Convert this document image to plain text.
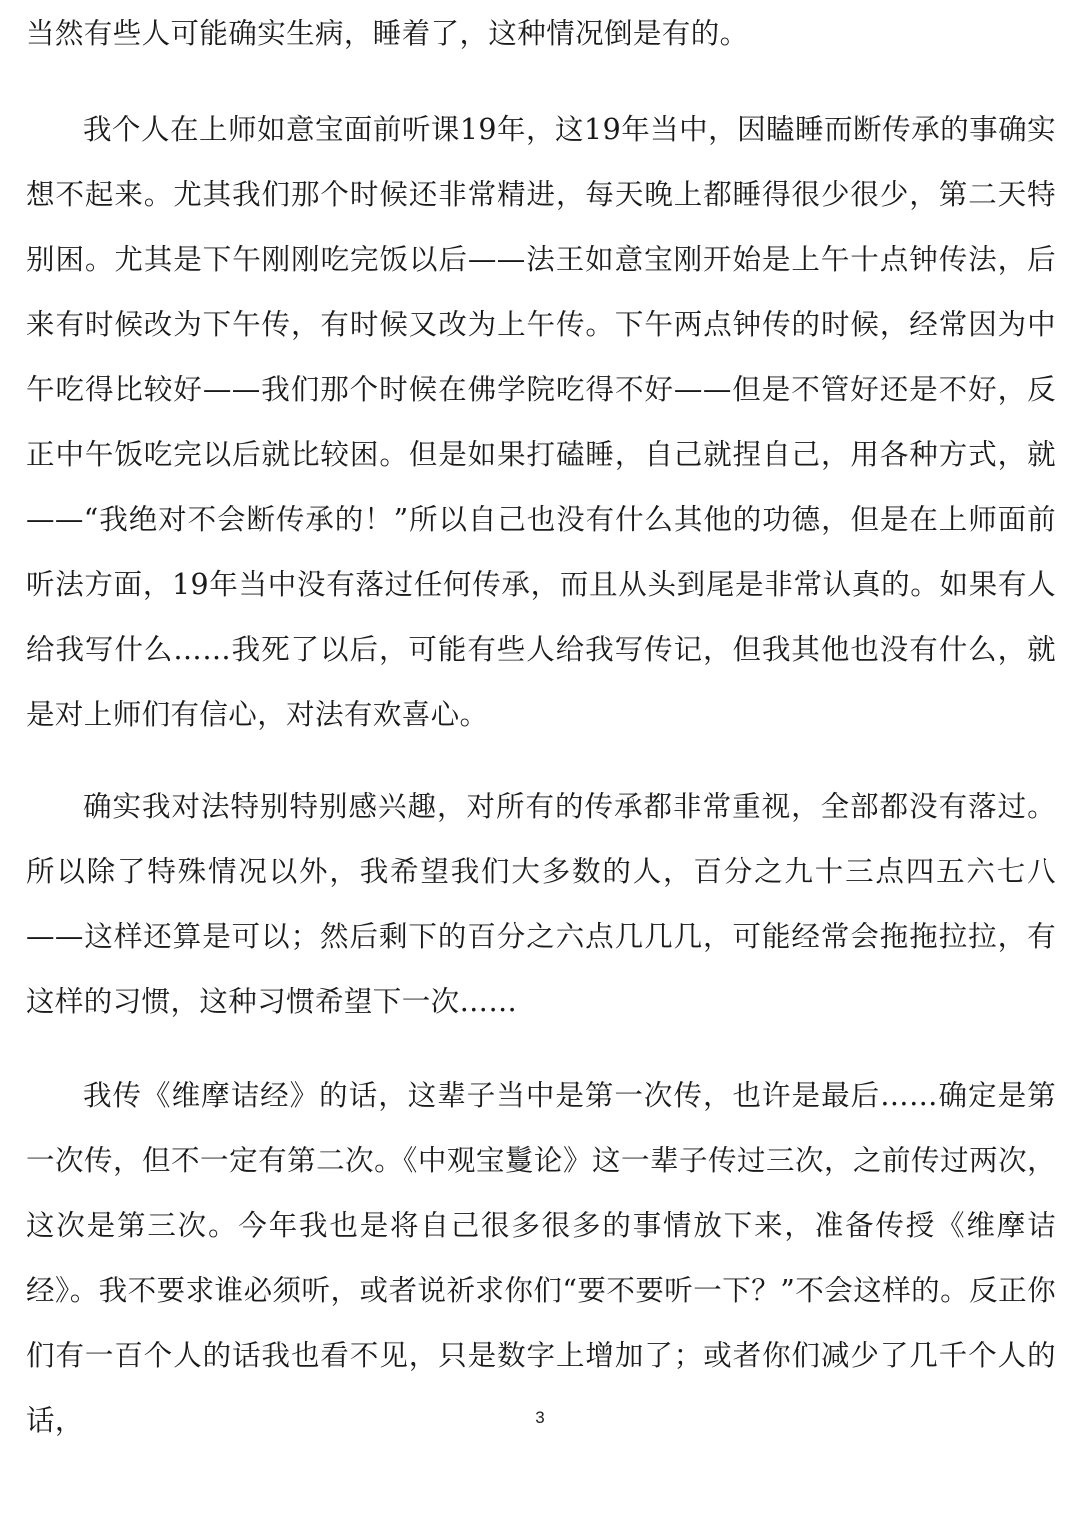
当然有些人可能确实生病，睡着了，这种情况倒是有的。

我个人在上师如意宝面前听课19年，这19年当中，因瞌睡而断传承的事确实想不起来。尤其我们那个时候还非常精进，每天晚上都睡得很少很少，第二天特别困。尤其是下午刚刚吃完饭以后——法王如意宝刚开始是上午十点钟传法，后来有时候改为下午传，有时候又改为上午传。下午两点钟传的时候，经常因为中午吃得比较好——我们那个时候在佛学院吃得不好——但是不管好还是不好，反正中午饭吃完以后就比较困。但是如果打磕睡，自己就捏自己，用各种方式，就——“我绝对不会断传承的！”所以自己也没有什么其他的功德，但是在上师面前听法方面，19年当中没有落过任何传承，而且从头到尾是非常认真的。如果有人给我写什么……我死了以后，可能有些人给我写传记，但我其他也没有什么，就是对上师们有信心，对法有欢喜心。

确实我对法特别特别感兴趣，对所有的传承都非常重视，全部都没有落过。所以除了特殊情况以外，我希望我们大多数的人，百分之九十三点四五六七八——这样还算是可以；然后剩下的百分之六点几几几，可能经常会拖拖拉拉，有这样的习惯，这种习惯希望下一次……

我传《维摩诘经》的话，这辈子当中是第一次传，也许是最后……确定是第一次传，但不一定有第二次。《中观宝鬘论》这一辈子传过三次，之前传过两次，这次是第三次。今年我也是将自己很多很多的事情放下来，准备传授《维摩诘经》。我不要求谁必须听，或者说祈求你们“要不要听一下？”不会这样的。反正你们有一百个人的话我也看不见，只是数字上增加了；或者你们减少了几千个人的话，	3
